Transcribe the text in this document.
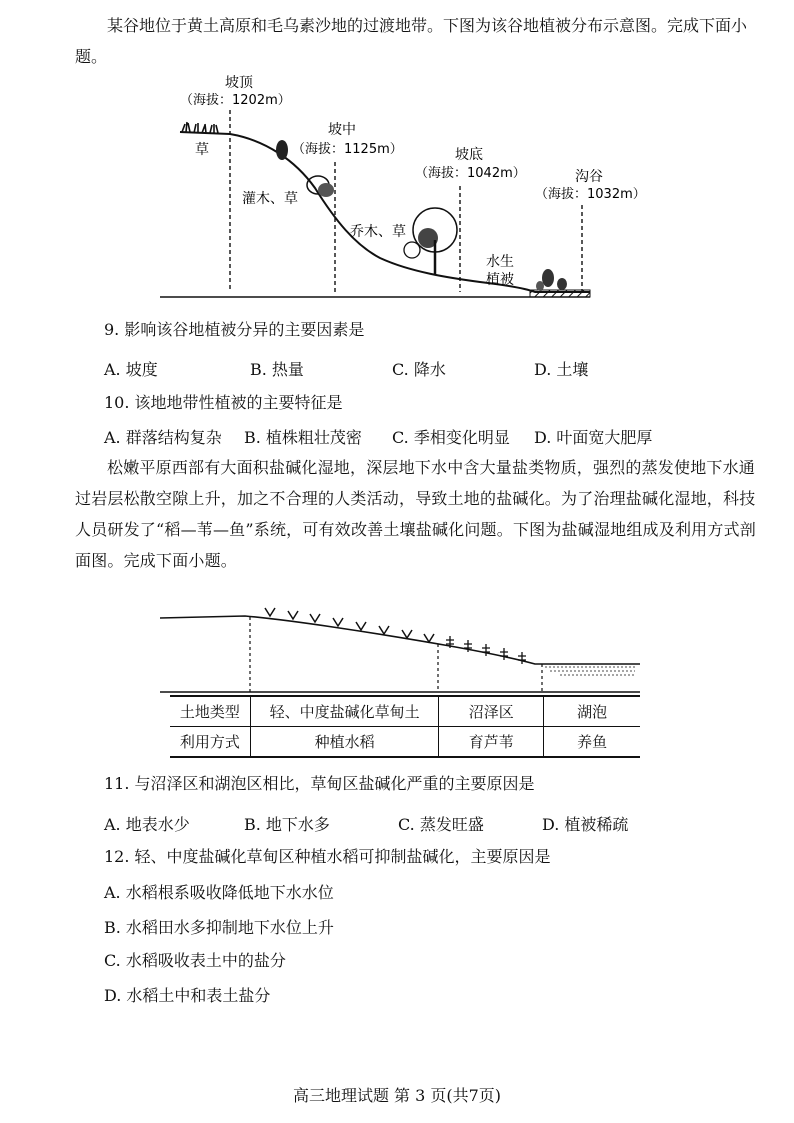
某谷地位于黄土高原和毛乌素沙地的过渡地带。下图为该谷地植被分布示意图。完成下面小题。

坡顶
（海拔：1202m）
草
坡中
（海拔：1125m）
灌木、草
坡底
（海拔：1042m）
乔木、草
沟谷
（海拔：1032m）
水生
植被

9. 影响该谷地植被分异的主要因素是

A. 坡度	B. 热量	C. 降水	D. 土壤

10. 该地地带性植被的主要特征是

A. 群落结构复杂 B. 植株粗壮茂密 C. 季相变化明显 D. 叶面宽大肥厚

松嫩平原西部有大面积盐碱化湿地，深层地下水中含大量盐类物质，强烈的蒸发使地下水通过岩层松散空隙上升，加之不合理的人类活动，导致土地的盐碱化。为了治理盐碱化湿地，科技人员研发了“稻—苇—鱼”系统，可有效改善土壤盐碱化问题。下图为盐碱湿地组成及利用方式剖面图。完成下面小题。

土地类型	轻、中度盐碱化草甸土	沼泽区	湖泡
利用方式	种植水稻	育芦苇	养鱼

11. 与沼泽区和湖泡区相比，草甸区盐碱化严重的主要原因是

A. 地表水少	B. 地下水多	C. 蒸发旺盛	D. 植被稀疏

12. 轻、中度盐碱化草甸区种植水稻可抑制盐碱化，主要原因是

A. 水稻根系吸收降低地下水水位

B. 水稻田水多抑制地下水位上升

C. 水稻吸收表土中的盐分

D. 水稻土中和表土盐分

高三地理试题 第 3 页(共7页)
